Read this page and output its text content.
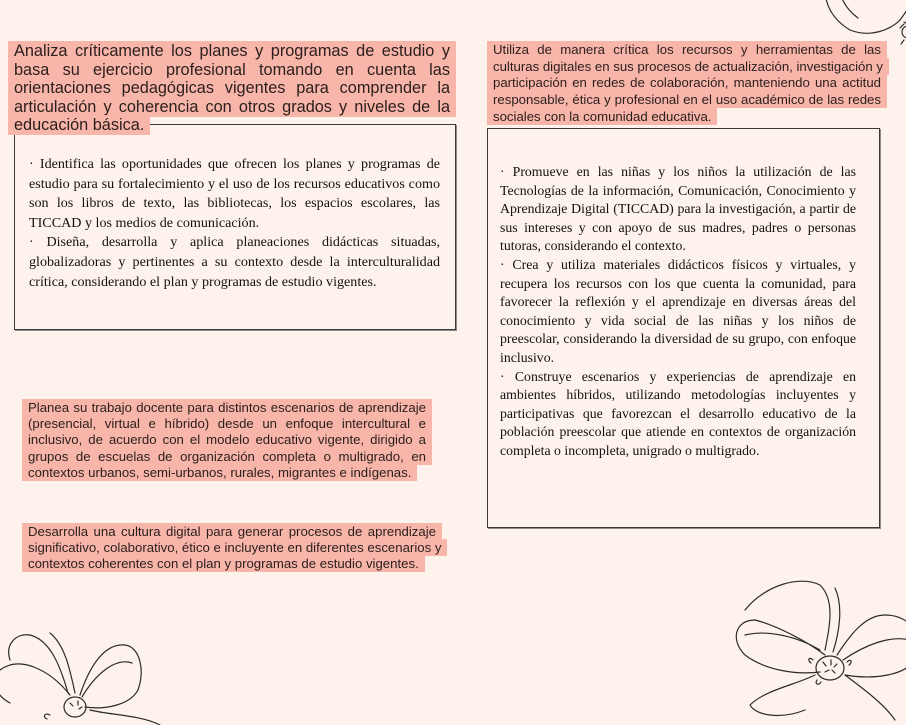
Analiza críticamente los planes y programas de estudio y basa su ejercicio profesional tomando en cuenta las orientaciones pedagógicas vigentes para comprender la articulación y coherencia con otros grados y niveles de la educación básica.

· Identifica las oportunidades que ofrecen los planes y programas de estudio para su fortalecimiento y el uso de los recursos educativos como son los libros de texto, las bibliotecas, los espacios escolares, las TICCAD y los medios de comunicación.

· Diseña, desarrolla y aplica planeaciones didácticas situadas, globalizadoras y pertinentes a su contexto desde la interculturalidad crítica, considerando el plan y programas de estudio vigentes.

Utiliza de manera crítica los recursos y herramientas de las culturas digitales en sus procesos de actualización, investigación y participación en redes de colaboración, manteniendo una actitud responsable, ética y profesional en el uso académico de las redes sociales con la comunidad educativa.

· Promueve en las niñas y los niños la utilización de las Tecnologías de la información, Comunicación, Conocimiento y Aprendizaje Digital (TICCAD) para la investigación, a partir de sus intereses y con apoyo de sus madres, padres o personas tutoras, considerando el contexto.

· Crea y utiliza materiales didácticos físicos y virtuales, y recupera los recursos con los que cuenta la comunidad, para favorecer la reflexión y el aprendizaje en diversas áreas del conocimiento y vida social de las niñas y los niños de preescolar, considerando la diversidad de su grupo, con enfoque inclusivo.

· Construye escenarios y experiencias de aprendizaje en ambientes híbridos, utilizando metodologías incluyentes y participativas que favorezcan el desarrollo educativo de la población preescolar que atiende en contextos de organización completa o incompleta, unigrado o multigrado.

Planea su trabajo docente para distintos escenarios de aprendizaje (presencial, virtual e híbrido) desde un enfoque intercultural e inclusivo, de acuerdo con el modelo educativo vigente, dirigido a grupos de escuelas de organización completa o multigrado, en contextos urbanos, semi-urbanos, rurales, migrantes e indígenas.
Desarrolla una cultura digital para generar procesos de aprendizaje significativo, colaborativo, ético e incluyente en diferentes escenarios y contextos coherentes con el plan y programas de estudio vigentes.
